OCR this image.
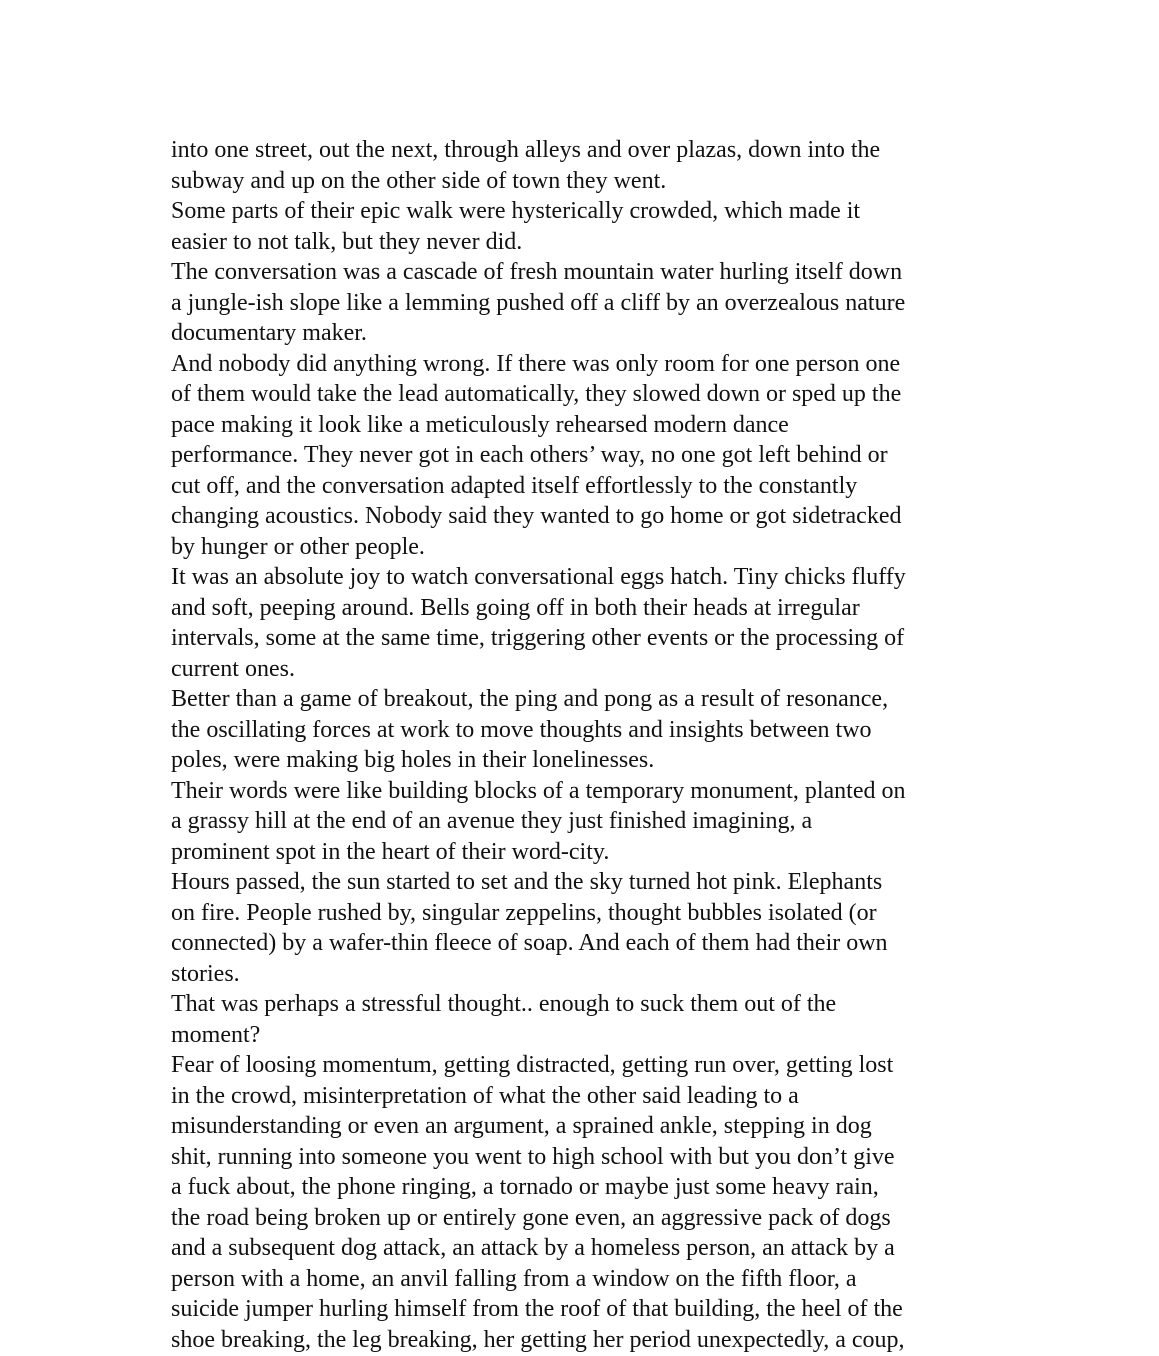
into one street, out the next, through alleys and over plazas, down into the
subway and up on the other side of town they went.

Some parts of their epic walk were hysterically crowded, which made it
easier to not talk, but they never did.

The conversation was a cascade of fresh mountain water hurling itself down
a jungle-ish slope like a lemming pushed off a cliff by an overzealous nature
documentary maker.

And nobody did anything wrong. If there was only room for one person one
of them would take the lead automatically, they slowed down or sped up the
pace making it look like a meticulously rehearsed modern dance
performance. They never got in each others’ way, no one got left behind or
cut off, and the conversation adapted itself effortlessly to the constantly
changing acoustics. Nobody said they wanted to go home or got sidetracked
by hunger or other people.

It was an absolute joy to watch conversational eggs hatch. Tiny chicks fluffy
and soft, peeping around. Bells going off in both their heads at irregular
intervals, some at the same time, triggering other events or the processing of
current ones.

Better than a game of breakout, the ping and pong as a result of resonance,
the oscillating forces at work to move thoughts and insights between two
poles, were making big holes in their lonelinesses.

Their words were like building blocks of a temporary monument, planted on
a grassy hill at the end of an avenue they just finished imagining, a
prominent spot in the heart of their word-city.

Hours passed, the sun started to set and the sky turned hot pink. Elephants
on fire. People rushed by, singular zeppelins, thought bubbles isolated (or
connected) by a wafer-thin fleece of soap. And each of them had their own
stories.

That was perhaps a stressful thought.. enough to suck them out of the
moment?

Fear of loosing momentum, getting distracted, getting run over, getting lost
in the crowd, misinterpretation of what the other said leading to a
misunderstanding or even an argument, a sprained ankle, stepping in dog
shit, running into someone you went to high school with but you don’t give
a fuck about, the phone ringing, a tornado or maybe just some heavy rain,
the road being broken up or entirely gone even, an aggressive pack of dogs
and a subsequent dog attack, an attack by a homeless person, an attack by a
person with a home, an anvil falling from a window on the fifth floor, a
suicide jumper hurling himself from the roof of that building, the heel of the
shoe breaking, the leg breaking, her getting her period unexpectedly, a coup,
